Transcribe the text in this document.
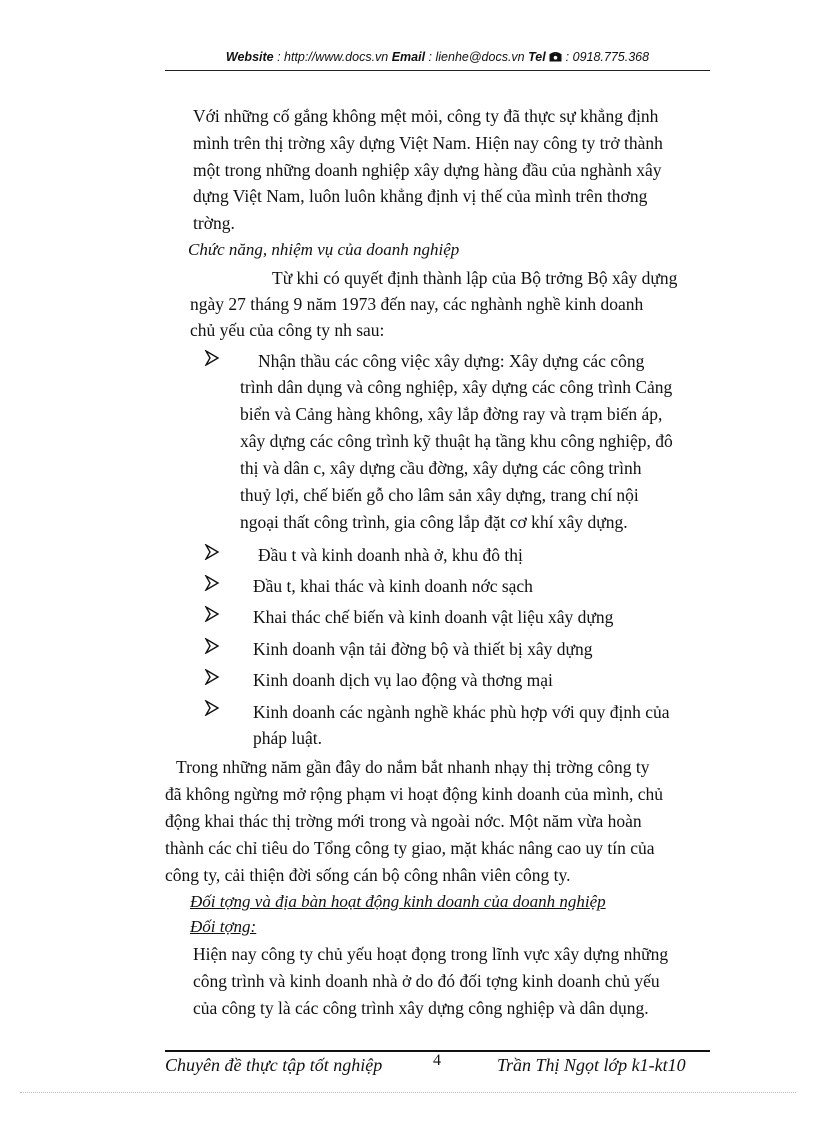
Website : http://www.docs.vn Email : lienhe@docs.vn Tel  : 0918.775.368

Với những cố gắng không mệt mỏi, công ty đã thực sự khẳng định

mình trên thị trờng xây dựng Việt Nam. Hiện nay công ty trở thành

một trong những doanh nghiệp xây dựng hàng đầu của nghành xây

dựng Việt Nam, luôn luôn khẳng định vị thế của mình trên thơng

trờng.

Chức năng, nhiệm vụ của doanh nghiệp

Từ khi có quyết định thành lập của Bộ trởng Bộ xây dựng

ngày 27 tháng 9 năm 1973 đến nay, các nghành nghề kinh doanh

chủ yếu của công ty nh sau:

Nhận thầu các công việc xây dựng: Xây dựng các công

trình dân dụng và công nghiệp, xây dựng các công trình Cảng

biển và Cảng hàng không, xây lắp đờng ray và trạm biến áp,

xây dựng các công trình kỹ thuật hạ tầng khu công nghiệp, đô

thị và dân c, xây dựng cầu đờng, xây dựng các công trình

thuỷ lợi, chế biến gỗ cho lâm sản xây dựng, trang chí nội

ngoại thất công trình, gia công lắp đặt cơ khí xây dựng.

Đầu t và kinh doanh nhà ở, khu đô thị

Đầu t, khai thác và kinh doanh nớc sạch

Khai thác chế biến và kinh doanh vật liệu xây dựng

Kinh doanh vận tải đờng bộ và thiết bị xây dựng

Kinh doanh dịch vụ lao động và thơng mại

Kinh doanh các ngành nghề khác phù hợp với quy định của

pháp luật.

Trong những năm gần đây do nắm bắt nhanh nhạy thị trờng công ty

đã không ngừng mở rộng phạm vi hoạt động kinh doanh của mình, chủ

động khai thác thị trờng mới trong và ngoài nớc. Một năm vừa hoàn

thành các chỉ tiêu do Tổng công ty giao, mặt khác nâng cao uy tín của

công ty, cải thiện đời sống cán bộ công nhân viên công ty.

Đối tợng và địa bàn hoạt động kinh doanh của doanh nghiệp

Đối tợng:

Hiện nay công ty chủ yếu hoạt đọng trong lĩnh vực xây dựng những

công trình và kinh doanh nhà ở do đó đối tợng kinh doanh chủ yếu

của công ty là các công trình xây dựng công nghiệp và dân dụng.

Chuyên đề thực tập tốt nghiệp	4	Trần Thị Ngọt lớp k1-kt10
